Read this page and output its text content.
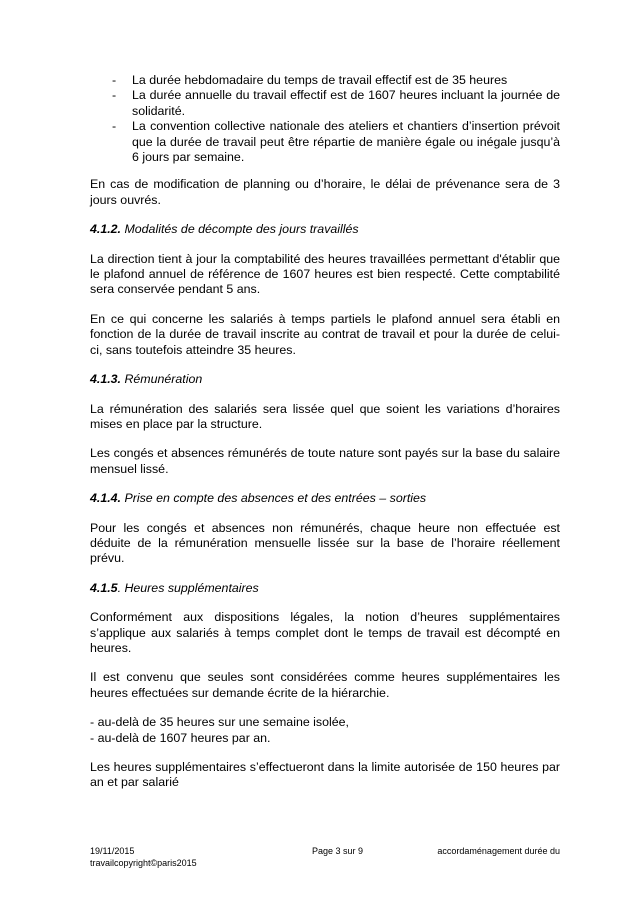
- La durée hebdomadaire du temps de travail effectif est de 35 heures
- La durée annuelle du travail effectif est de 1607 heures incluant la journée de solidarité.
- La convention collective nationale des ateliers et chantiers d’insertion prévoit que la durée de travail peut être répartie de manière égale ou inégale jusqu’à 6 jours par semaine.

En cas de modification de planning ou d’horaire, le délai de prévenance sera de 3 jours ouvrés.

4.1.2. Modalités de décompte des jours travaillés

La direction tient à jour la comptabilité des heures travaillées permettant d'établir que le plafond annuel de référence de 1607 heures est bien respecté. Cette comptabilité sera conservée pendant 5 ans.

En ce qui concerne les salariés à temps partiels le plafond annuel sera établi en fonction de la durée de travail inscrite au contrat de travail et pour la durée de celui-ci, sans toutefois atteindre 35 heures.

4.1.3. Rémunération

La rémunération des salariés sera lissée quel que soient les variations d’horaires mises en place par la structure.

Les congés et absences rémunérés de toute nature sont payés sur la base du salaire mensuel lissé.

4.1.4. Prise en compte des absences et des entrées – sorties

Pour les congés et absences non rémunérés, chaque heure non effectuée est déduite de la rémunération mensuelle lissée sur la base de l’horaire réellement prévu.

4.1.5. Heures supplémentaires

Conformément aux dispositions légales, la notion d’heures supplémentaires s’applique aux salariés à temps complet dont le temps de travail est décompté en heures.

Il est convenu que seules sont considérées comme heures supplémentaires les heures effectuées sur demande écrite de la hiérarchie.

- au-delà de 35 heures sur une semaine isolée,
- au-delà de 1607 heures par an.

Les heures supplémentaires s’effectueront dans la limite autorisée de 150 heures par an et par salarié

19/11/2015	Page 3 sur 9	accordaménagement durée du
travailcopyright©paris2015
